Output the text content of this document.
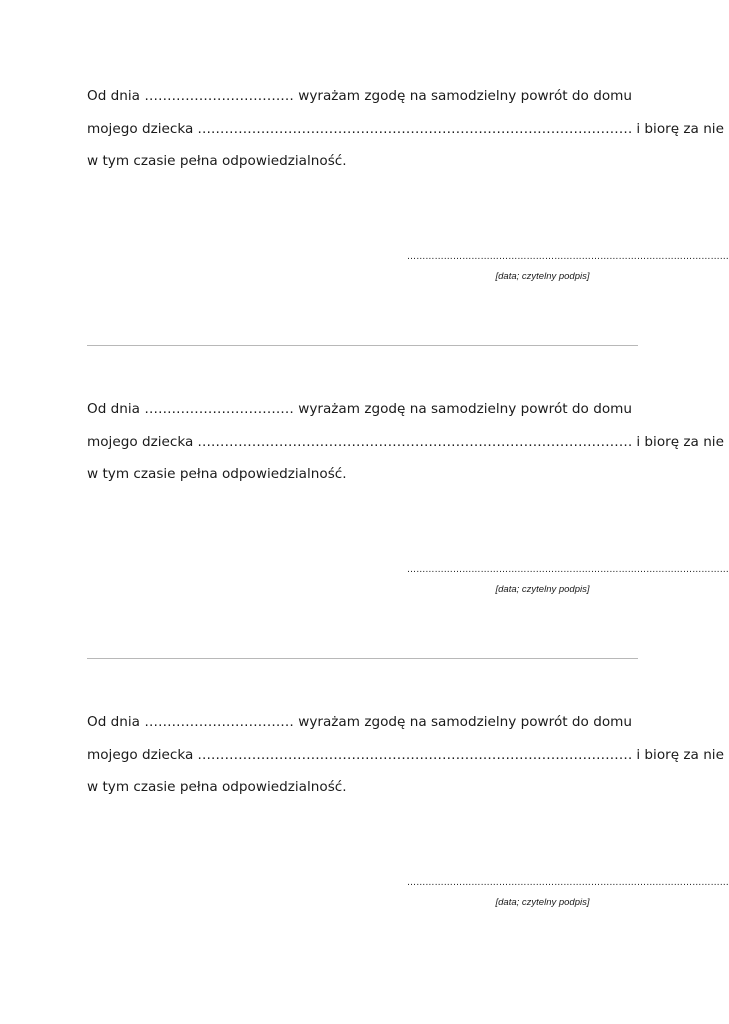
Od dnia …………………………… wyrażam zgodę na samodzielny powrót do domu
mojego dziecka …………………………………………………………………………………… i biorę za nie
w tym czasie pełna odpowiedzialność.
……………………………………………………………………………………………
[data; czytelny podpis]
Od dnia …………………………… wyrażam zgodę na samodzielny powrót do domu
mojego dziecka …………………………………………………………………………………… i biorę za nie
w tym czasie pełna odpowiedzialność.
……………………………………………………………………………………………
[data; czytelny podpis]
Od dnia …………………………… wyrażam zgodę na samodzielny powrót do domu
mojego dziecka …………………………………………………………………………………… i biorę za nie
w tym czasie pełna odpowiedzialność.
……………………………………………………………………………………………
[data; czytelny podpis]
